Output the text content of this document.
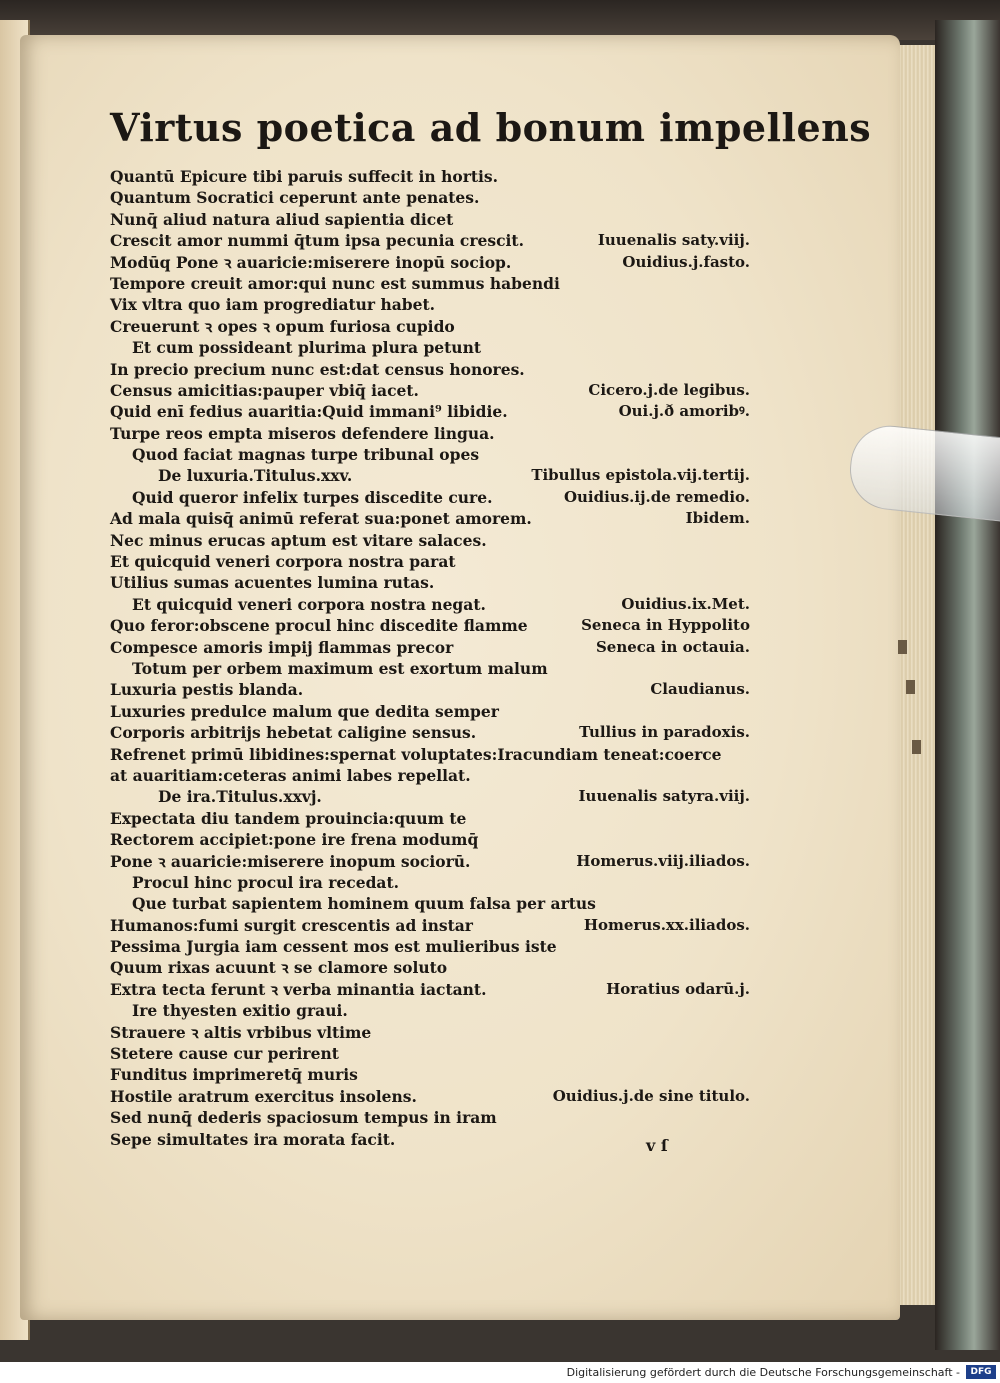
Virtus poetica ad bonum impellens
Quantū Epicure tibi paruis suffecit in hortis.
Quantum Socratici ceperunt ante penates.
Nunq̄ aliud natura aliud sapientia dicet
Crescit amor nummi q̄tum ipsa pecunia crescit.	Iuuenalis saty.viij.
Modūq Pone ꝛ auaricie:miserere inopū sociop.	Ouidius.j.fasto.
Tempore creuit amor:qui nunc est summus habendi
Vix vltra quo iam progrediatur habet.
Creuerunt ꝛ opes ꝛ opum furiosa cupido
Et cum possideant plurima plura petunt
In precio precium nunc est:dat census honores.
Census amicitias:pauper vbiq̄ iacet.	Cicero.j.de legibus.
Quid enī fedius auaritia:Quid immani⁹ libidie.	Oui.j.ð amoribꝰ.
Turpe reos empta miseros defendere lingua.
Quod faciat magnas turpe tribunal opes
De luxuria.Titulus.xxv.	Tibullus epistola.vij.tertij.
Quid queror infelix turpes discedite cure.	Ouidius.ij.de remedio.
Ad mala quisq̄ animū referat sua:ponet amorem.	Ibidem.
Nec minus erucas aptum est vitare salaces.
Et quicquid veneri corpora nostra parat
Utilius sumas acuentes lumina rutas.
Et quicquid veneri corpora nostra negat.	Ouidius.ix.Met.
Quo feror:obscene procul hinc discedite flamme	Seneca in Hyppolito
Compesce amoris impij flammas precor	Seneca in octauia.
Totum per orbem maximum est exortum malum
Luxuria pestis blanda.	Claudianus.
Luxuries predulce malum que dedita semper
Corporis arbitrijs hebetat caligine sensus.	Tullius in paradoxis.
Refrenet primū libidines:spernat voluptates:Iracundiam teneat:coerce
at auaritiam:ceteras animi labes repellat.
De ira.Titulus.xxvj.	Iuuenalis satyra.viij.
Expectata diu tandem prouincia:quum te
Rectorem accipiet:pone ire frena modumq̄
Pone ꝛ auaricie:miserere inopum sociorū.	Homerus.viij.iliados.
Procul hinc procul ira recedat.
Que turbat sapientem hominem quum falsa per artus
Humanos:fumi surgit crescentis ad instar	Homerus.xx.iliados.
Pessima Jurgia iam cessent mos est mulieribus iste
Quum rixas acuunt ꝛ se clamore soluto
Extra tecta ferunt ꝛ verba minantia iactant.	Horatius odarū.j.
Ire thyesten exitio graui.
Strauere ꝛ altis vrbibus vltime
Stetere cause cur perirent
Funditus imprimeretq̄ muris
Hostile aratrum exercitus insolens.	Ouidius.j.de sine titulo.
Sed nunq̄ dederis spaciosum tempus in iram
Sepe simultates ira morata facit.	v ſ
Digitalisierung gefördert durch die Deutsche Forschungsgemeinschaft -	DFG
